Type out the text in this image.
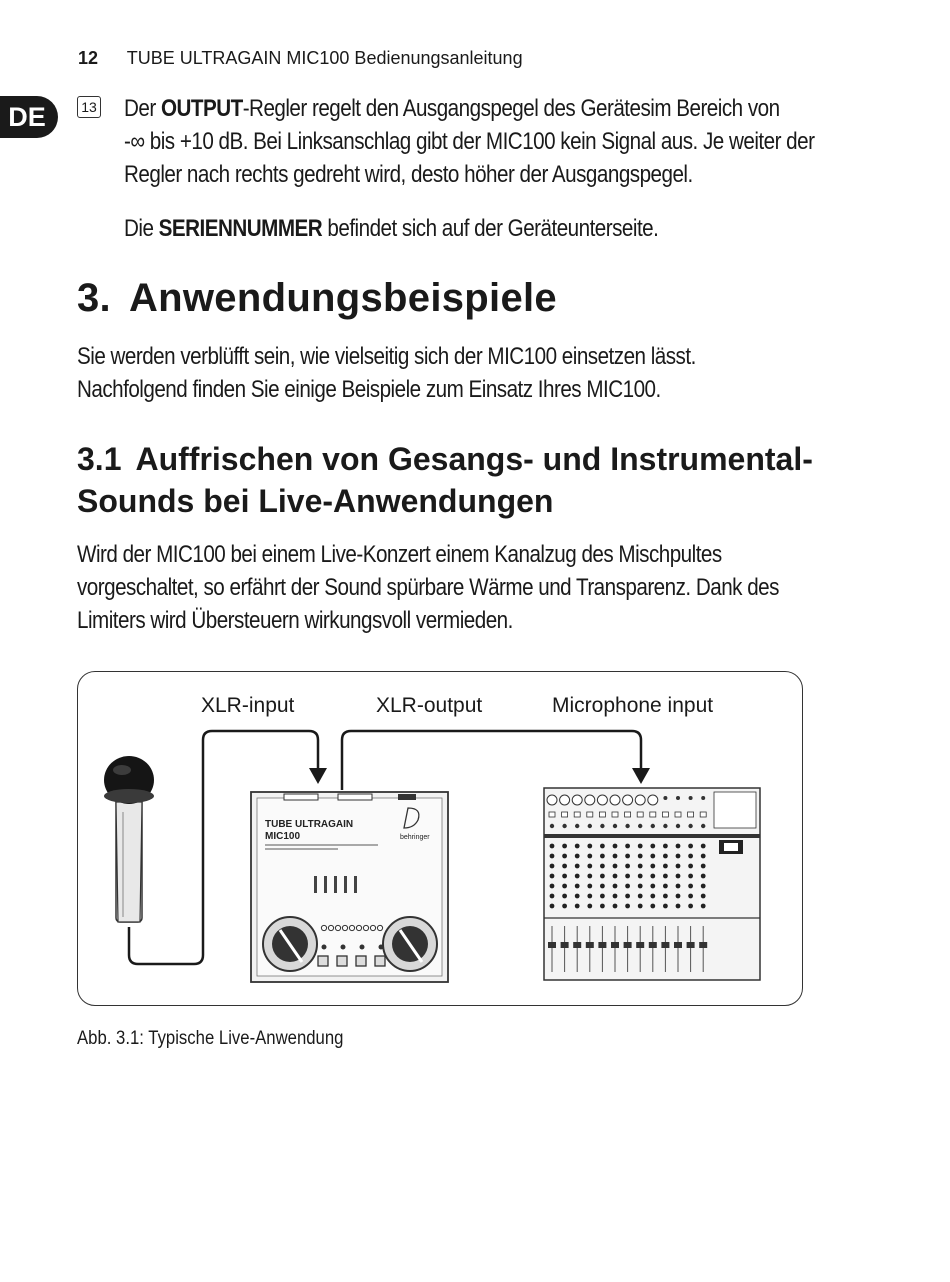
12 TUBE ULTRAGAIN MIC100 Bedienungsanleitung
DE	13 Der OUTPUT-Regler regelt den Ausgangspegel des Gerätesim Bereich von
-∞ bis +10 dB. Bei Linksanschlag gibt der MIC100 kein Signal aus. Je weiter der
Regler nach rechts gedreht wird, desto höher der Ausgangspegel.
Die SERIENNUMMER befindet sich auf der Geräteunterseite.
3. Anwendungsbeispiele
Sie werden verblüfft sein, wie vielseitig sich der MIC100 einsetzen lässt.
Nachfolgend finden Sie einige Beispiele zum Einsatz Ihres MIC100.
3.1 Auffrischen von Gesangs- und Instrumental-
Sounds bei Live-Anwendungen
Wird der MIC100 bei einem Live-Konzert einem Kanalzug des Mischpultes
vorgeschaltet, so erfährt der Sound spürbare Wärme und Transparenz. Dank des
Limiters wird Übersteuern wirkungsvoll vermieden.
TUBE ULTRAGAIN
MIC100	behringer
XLR-input	XLR-output	Microphone input
Abb. 3.1: Typische Live-Anwendung
